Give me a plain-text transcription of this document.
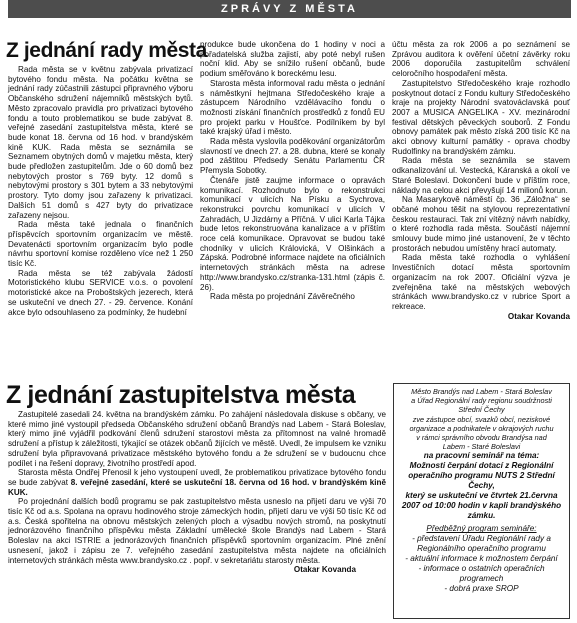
ZPRÁVY Z MĚSTA
Z jednání rady města

Rada města se v květnu zabývala privatizací bytového fondu města. Na počátku května se jednání rady zúčastnili zástupci připravného výboru Občanského sdružení nájemníků městských bytů. Město zpracovalo pravidla pro privatizaci bytového fondu a touto problematikou se bude zabývat 8. veřejné zasedání zastupitelstva města, které se bude konat 18. června od 16 hod. v brandýském kině KUK. Rada města se seznámila se Seznamem obytných domů v majetku města, který bude předložen zastupitelům. Jde o 60 domů bez nebytových prostor s 769 byty. 12 domů s nebytovými prostory s 301 bytem a 33 nebytovými prostory. Tyto domy jsou zařazeny k privatizaci. Dalších 51 domů s 427 byty do privatizace zařazeny nejsou.

Rada města také jednala o finančních příspěvcích sportovním organizacím ve městě. Devatenácti sportovním organizacím bylo podle návrhu sportovní komise rozděleno více než 1 250 tisíc Kč.

Rada města se též zabývala žádostí Motoristického klubu SERVICE v.o.s. o povolení motoristické akce na Proboštských jezerech, která se uskuteční ve dnech 27. - 29. července. Konání akce bylo odsouhlaseno za podmínky, že hudební

produkce bude ukončena do 1 hodiny v noci a pořadatelská služba zajistí, aby poté nebyl rušen noční klid. Aby se snížilo rušení občanů, bude podium směřováno k boreckému lesu.

Starosta města informoval radu města o jednání s náměstkyní hejtmana Středočeského kraje a zástupcem Národního vzdělávacího fondu o možnosti získání finančních prostředků z fondů EU pro projekt parku v Houšťce. Podílníkem by byl také krajský úřad i město.

Rada města vyslovila poděkování organizátorům slavností ve dnech 27. a 28. dubna, které se konaly pod záštitou Předsedy Senátu Parlamentu ČR Přemysla Sobotky.

Čtenáře jistě zaujme informace o opravách komunikací. Rozhodnuto bylo o rekonstrukci komunikací v ulicích Na Písku a Sychrova, rekonstrukci povrchu komunikací v ulicích V Zahradách, U Jizdárny a Příčná. V ulici Karla Tájka bude letos rekonstruována kanalizace a v příštím roce celá komunikace. Opravovat se budou také chodníky v ulicích Královická, V Olšinkách a Zápská. Podrobné informace najdete na oficiálních internetových stránkách města na adrese http://www.brandysko.cz/stranka-131.html (zápis č. 26).

Rada města po projednání Závěrečného

účtu města za rok 2006 a po seznámení se Zprávou auditora k ověření účetní závěrky roku 2006 doporučila zastupitelům schválení celoročního hospodaření města.

Zastupitelstvo Středočeského kraje rozhodlo poskytnout dotací z Fondu kultury Středočeského kraje na projekty Národní svatováclavská pouť 2007 a MUSICA ANGELIKA - XV. mezinárodní festival dětských pěveckých souborů. Z Fondu obnovy památek pak město získá 200 tisíc Kč na akci obnovy kulturní památky - oprava chodby Rudolfinky na brandýském zámku.

Rada města se seznámila se stavem odkanalizování ul. Vestecká, Káranská a okolí ve Staré Boleslavi. Dokončení bude v příštím roce, náklady na celou akci převyšují 14 milionů korun.

Na Masarykově náměstí čp. 36 „Záložna“ se občané mohou těšit na stylovou reprezentativní českou restauraci. Tak zní vítězný návrh nabídky, o které rozhodla rada města. Součástí nájemní smlouvy bude mimo jiné ustanovení, že v těchto prostorách nebudou umístěny hrací automaty.

Rada města také rozhodla o vyhlášení Investičních dotací města sportovním organizacím na rok 2007. Oficiální výzva je zveřejněna také na městských webových stránkách www.brandysko.cz v rubrice Sport a rekreace.

Otakar Kovanda

Z jednání zastupitelstva města

Zastupitelé zasedali 24. května na brandýském zámku. Po zahájení následovala diskuse s občany, ve které mimo jiné vystoupil předseda Občanského sdružení občanů Brandýs nad Labem - Stará Boleslav, který mimo jiné vyjádřil podkování členů sdružení starostovi města za přítomnost na valné hromadě sdružení a přístup k záležitosti, týkající se otázek občanů žijících ve městě. Uvedl, že impulsem ke vzniku sdružení byla připravovaná privatizace městského bytového fondu a že sdružení se v budoucnu chce podílet i na řešení dopravy, životního prostředí apod.

Starosta města Ondřej Přenosil k jeho vystoupení uvedl, že problematikou privatizace bytového fondu se bude zabývat 8. veřejné zasedání, které se uskuteční 18. června od 16 hod. v brandýském kině KUK.

Po projednání dalších bodů programu se pak zastupitelstvo města usneslo na přijetí daru ve výši 70 tisíc Kč od a.s. Spolana na opravu hodinového stroje zámeckých hodin, přijetí daru ve výši 50 tisíc Kč od a.s. Česká spořitelna na obnovu městských zelených ploch a výsadbu nových stromů, na poskytnutí jednorázového finančního příspěvku města Základní umělecké škole Brandýs nad Labem - Stará Boleslav na akci ISTRIE a jednorázových finančních příspěvků sportovním organizacím. Plné znění usnesení, jakož i zápisu ze 7. veřejného zasedání zastupitelstva města najdete na oficiálních internetových stránkách města www.brandysko.cz . popř. v sekretariátu starosty města.

Otakar Kovanda

Město Brandýs nad Labem - Stará Boleslav
a Úřad Regionální rady regionu soudržnosti
Střední Čechy
zve zástupce obcí, svazků obcí, neziskové
organizace a podnikatele v okrajových ruchu
v rámci správního obvodu Brandýsa nad
Labem - Staré Boleslavi
na pracovní seminář na téma:
Možnosti čerpání dotací z Regionální operačního programu NUTS 2 Střední Čechy,
který se uskuteční ve čtvrtek 21.června 2007 od 10:00 hodin v kapli brandýského zámku.
Předběžný program semináře:
- představení Úřadu Regionální rady a Regionálního operačního programu
- aktuální informace k možnostem čerpání
- informace o ostatních operačních programech
- dobrá praxe SROP
